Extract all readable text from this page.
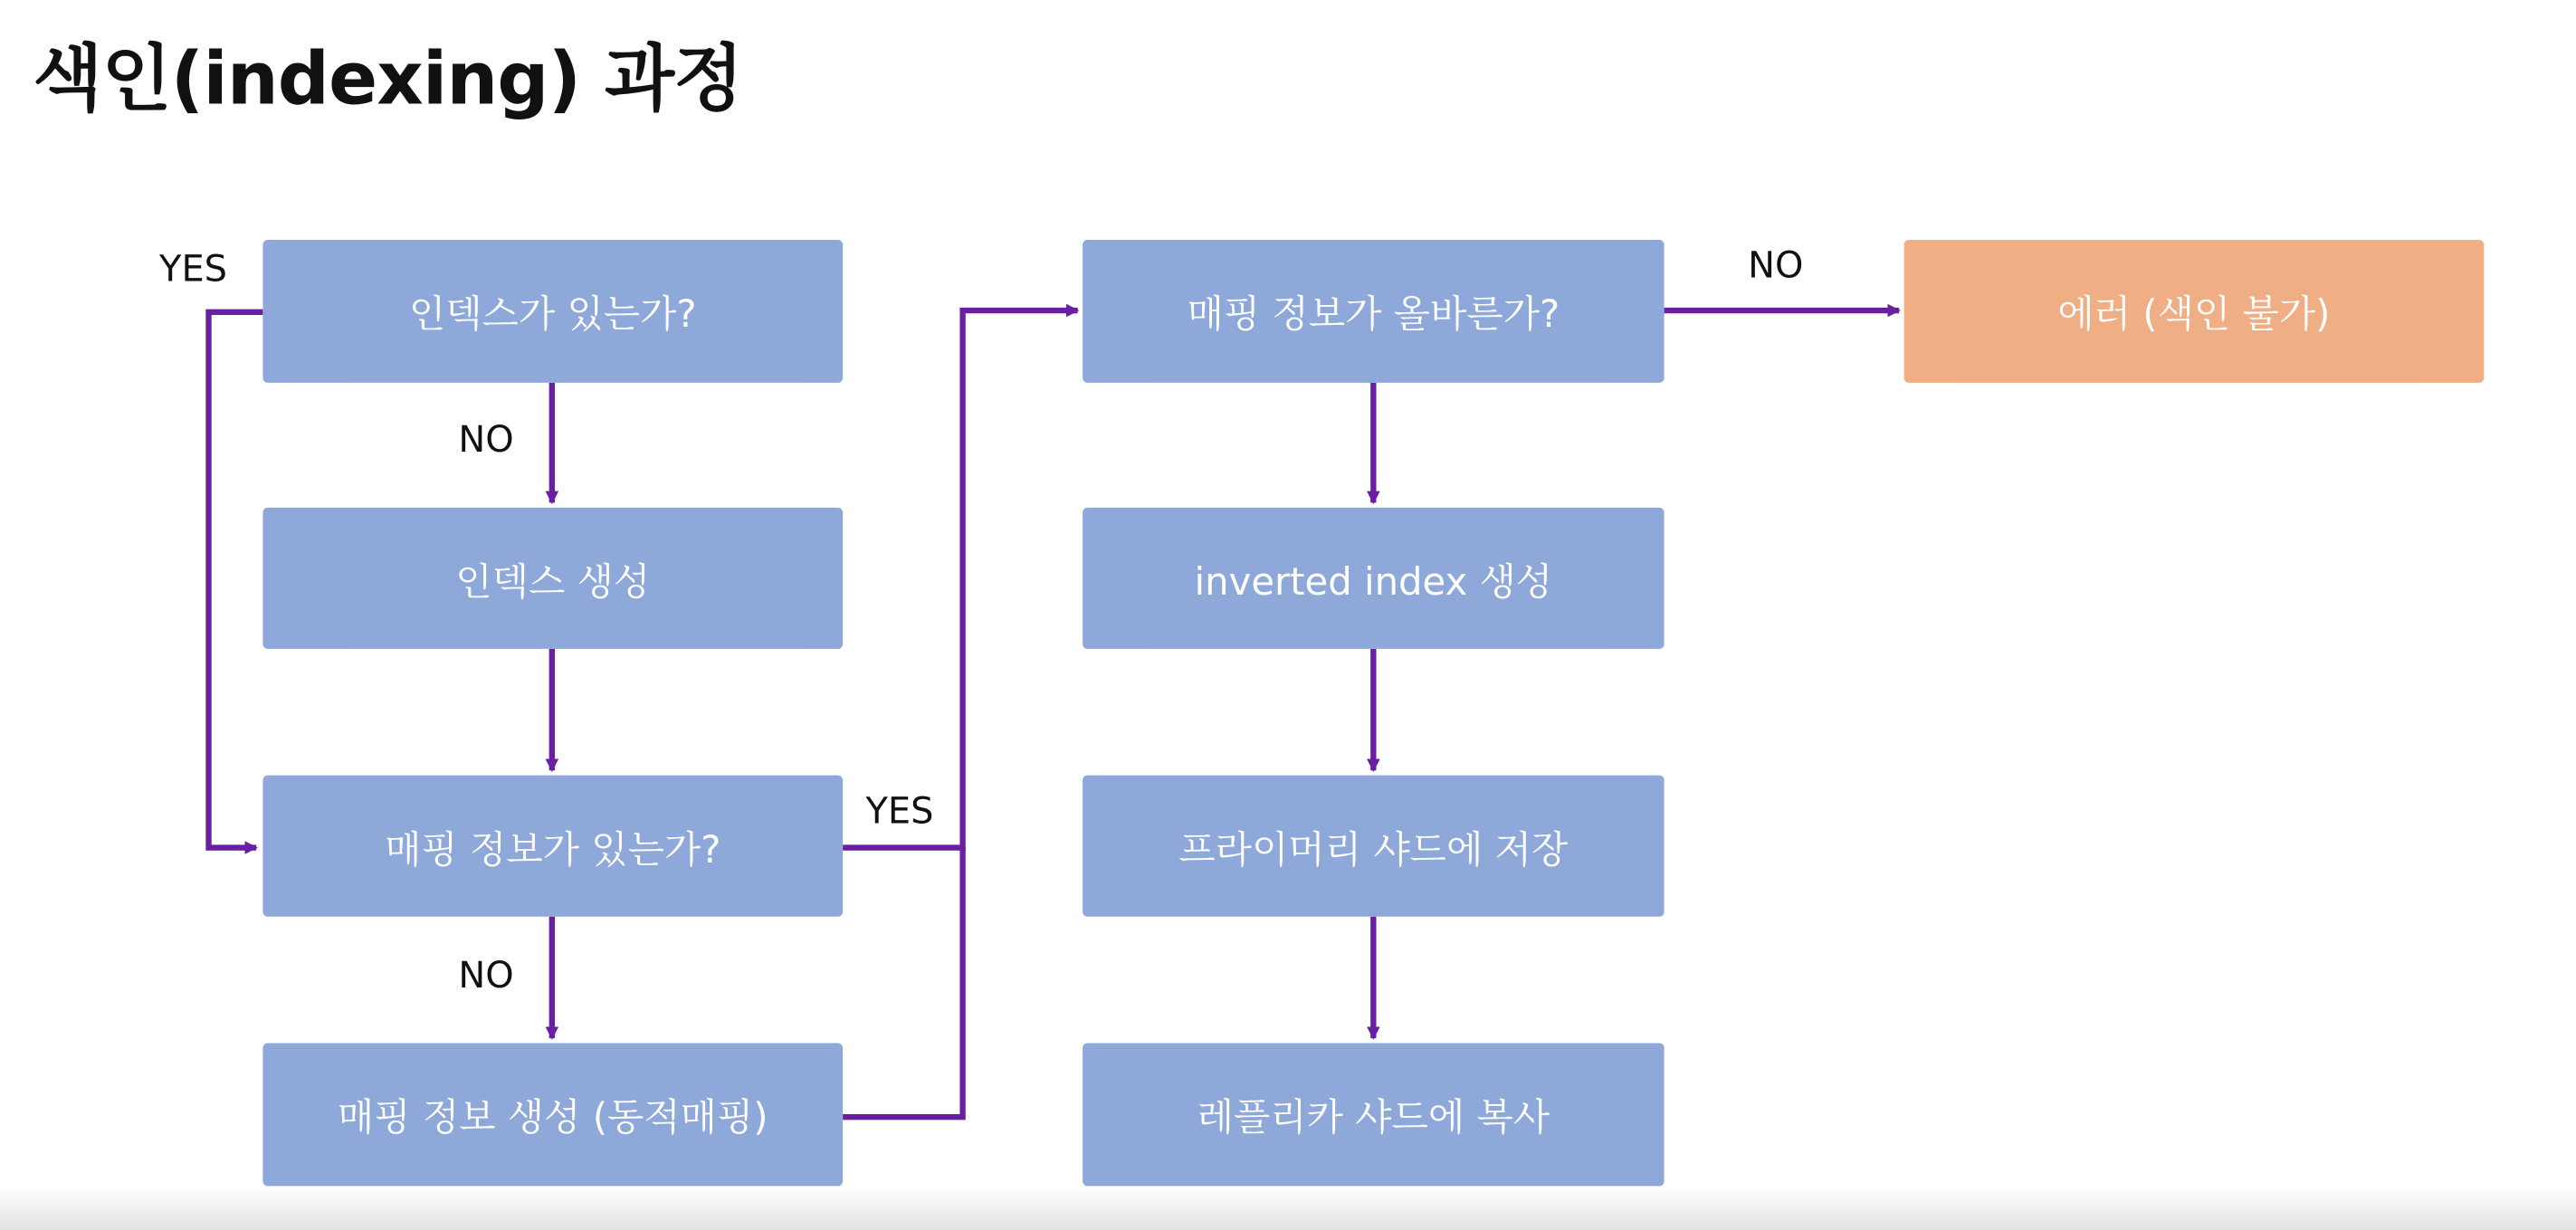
색인(indexing) 과정
인덱스가 있는가?
인덱스 생성
매핑 정보가 있는가?
매핑 정보 생성 (동적매핑)
매핑 정보가 올바른가?
inverted index 생성
프라이머리 샤드에 저장
레플리카 샤드에 복사
에러 (색인 불가)
YES
NO
YES
NO
NO
